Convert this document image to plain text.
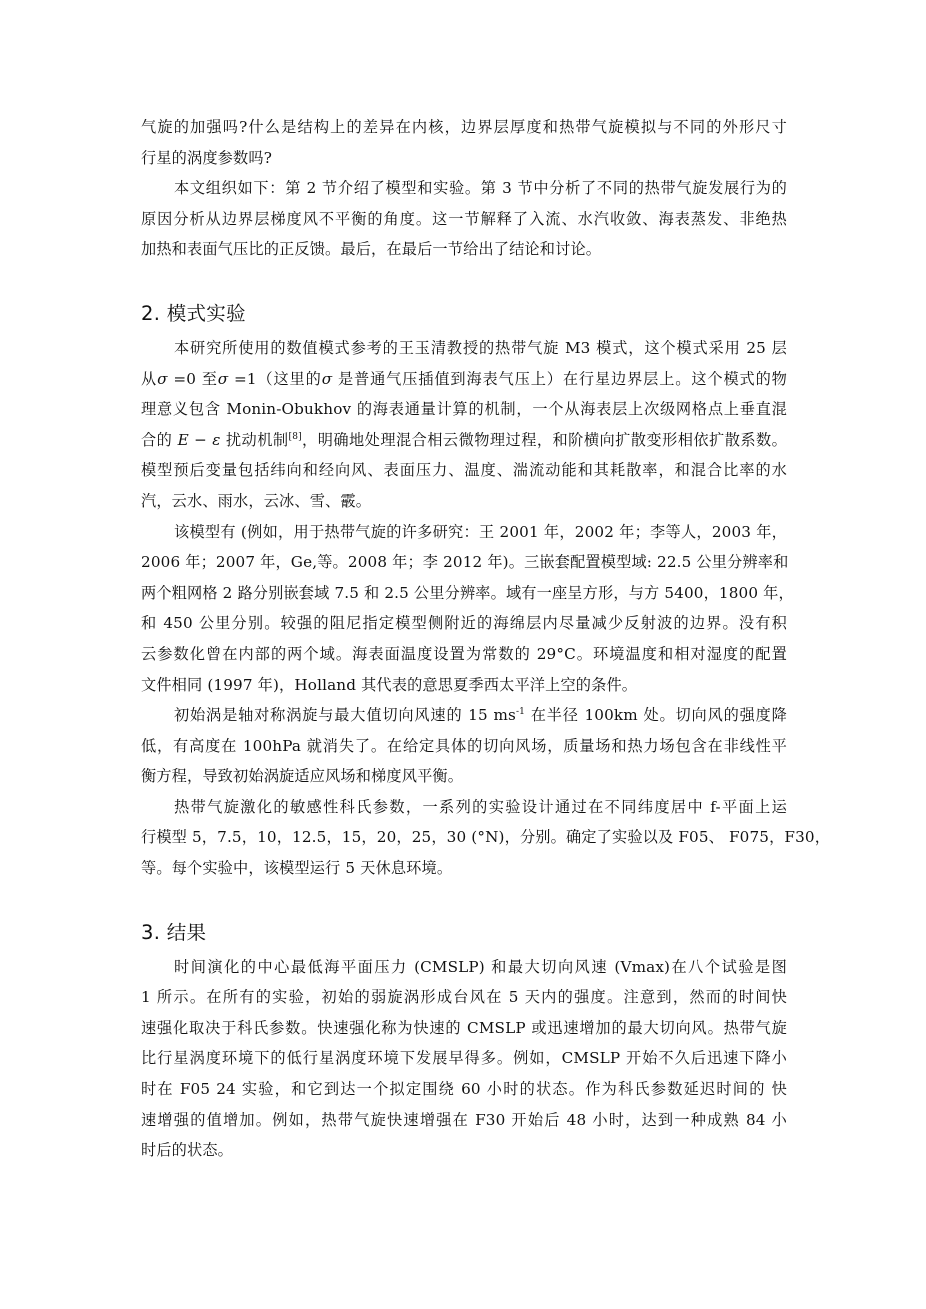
气旋的加强吗?什么是结构上的差异在内核，边界层厚度和热带气旋模拟与不同的外形尺寸

行星的涡度参数吗?

本文组织如下：第 2 节介绍了模型和实验。第 3 节中分析了不同的热带气旋发展行为的

原因分析从边界层梯度风不平衡的角度。这一节解释了入流、水汽收敛、海表蒸发、非绝热

加热和表面气压比的正反馈。最后，在最后一节给出了结论和讨论。

2. 模式实验

本研究所使用的数值模式参考的王玉清教授的热带气旋 M3 模式，这个模式采用 25 层

从σ =0 至σ =1（这里的σ 是普通气压插值到海表气压上）在行星边界层上。这个模式的物

理意义包含 Monin-Obukhov 的海表通量计算的机制，一个从海表层上次级网格点上垂直混

合的 E − ε 扰动机制[8]，明确地处理混合相云微物理过程，和阶横向扩散变形相依扩散系数。

模型预后变量包括纬向和经向风、表面压力、温度、湍流动能和其耗散率，和混合比率的水

汽，云水、雨水，云冰、雪、霰。

该模型有 (例如，用于热带气旋的许多研究：王 2001 年，2002 年；李等人，2003 年，

2006 年；2007 年，Ge,等。2008 年；李 2012 年)。三嵌套配置模型域: 22.5 公里分辨率和

两个粗网格 2 路分别嵌套域 7.5 和 2.5 公里分辨率。域有一座呈方形，与方 5400，1800 年，

和 450 公里分别。较强的阻尼指定模型侧附近的海绵层内尽量减少反射波的边界。没有积

云参数化曾在内部的两个域。海表面温度设置为常数的 29°C。环境温度和相对湿度的配置

文件相同 (1997 年)，Holland 其代表的意思夏季西太平洋上空的条件。

初始涡是轴对称涡旋与最大值切向风速的 15 $ms^{-1}$ 在半径 100km 处。切向风的强度降

低，有高度在 100hPa 就消失了。在给定具体的切向风场，质量场和热力场包含在非线性平

衡方程，导致初始涡旋适应风场和梯度风平衡。

热带气旋激化的敏感性科氏参数，一系列的实验设计通过在不同纬度居中 f-平面上运

行模型 5，7.5，10，12.5，15，20，25，30 (°N)，分别。确定了实验以及 F05、 F075，F30，

等。每个实验中，该模型运行 5 天休息环境。

3. 结果

时间演化的中心最低海平面压力 (CMSLP) 和最大切向风速 (Vmax)在八个试验是图

1 所示。在所有的实验，初始的弱旋涡形成台风在 5 天内的强度。注意到，然而的时间快

速强化取决于科氏参数。快速强化称为快速的 CMSLP 或迅速增加的最大切向风。热带气旋

比行星涡度环境下的低行星涡度环境下发展早得多。例如，CMSLP 开始不久后迅速下降小

时在 F05 24 实验，和它到达一个拟定围绕 60 小时的状态。作为科氏参数延迟时间的 快

速增强的值增加。例如，热带气旋快速增强在 F30 开始后 48 小时，达到一种成熟 84 小

时后的状态。
